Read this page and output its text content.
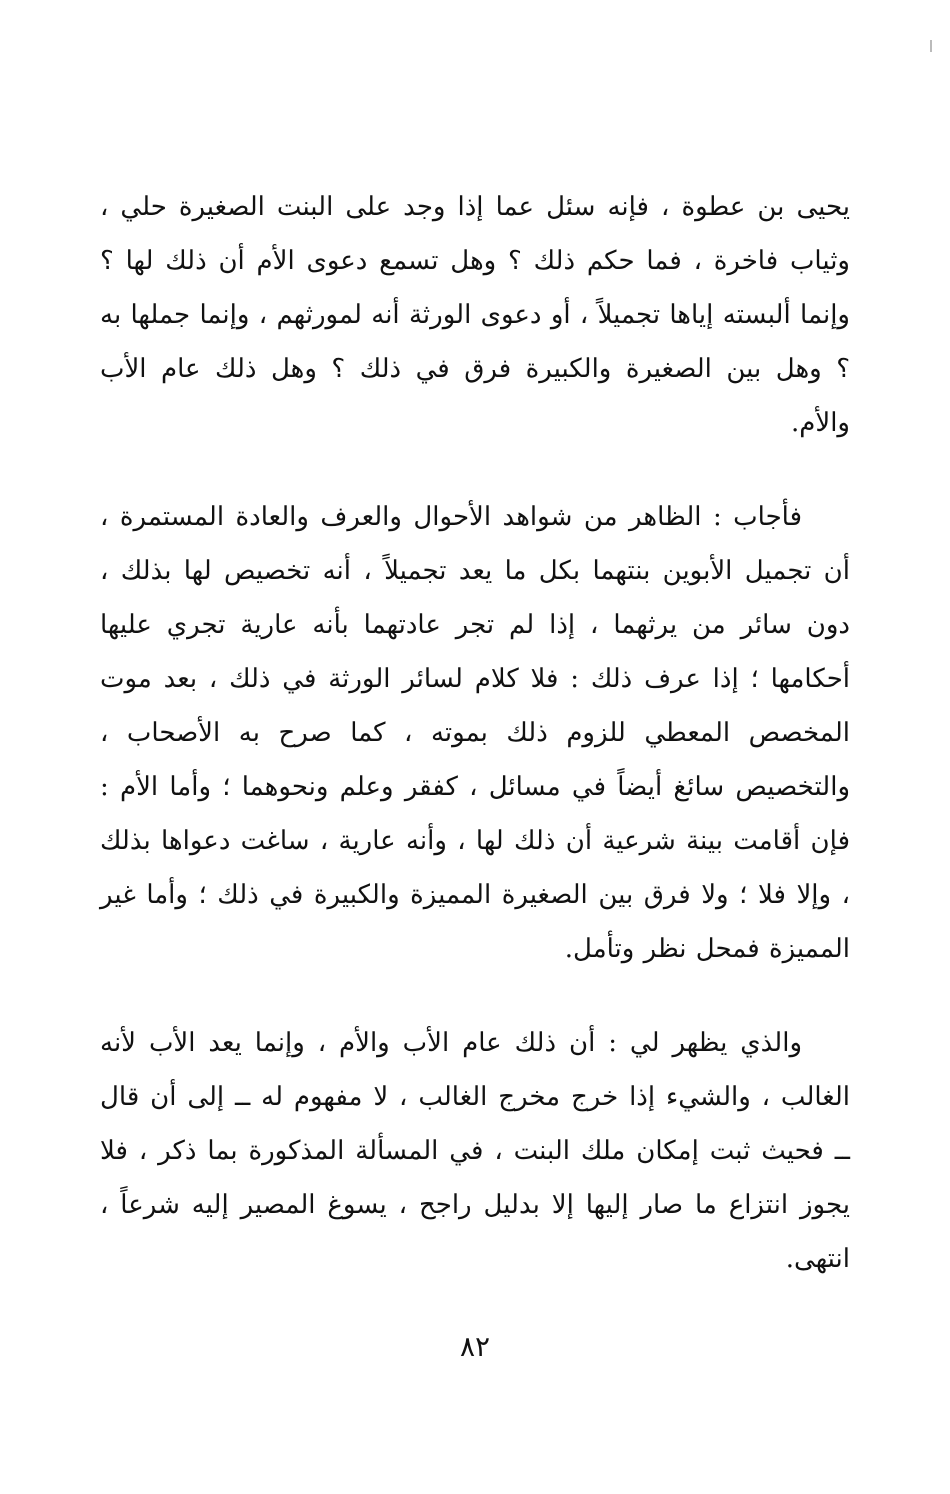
يحيى بن عطوة ، فإنه سئل عما إذا وجد على البنت الصغيرة حلي ، وثياب فاخرة ، فما حكم ذلك ؟ وهل تسمع دعوى الأم أن ذلك لها ؟ وإنما ألبسته إياها تجميلاً ، أو دعوى الورثة أنه لمورثهم ، وإنما جملها به ؟ وهل بين الصغيرة والكبيرة فرق في ذلك ؟ وهل ذلك عام الأب والأم.

فأجاب : الظاهر من شواهد الأحوال والعرف والعادة المستمرة ، أن تجميل الأبوين بنتهما بكل ما يعد تجميلاً ، أنه تخصيص لها بذلك ، دون سائر من يرثهما ، إذا لم تجر عادتهما بأنه عارية تجري عليها أحكامها ؛ إذا عرف ذلك : فلا كلام لسائر الورثة في ذلك ، بعد موت المخصص المعطي للزوم ذلك بموته ، كما صرح به الأصحاب ، والتخصيص سائغ أيضاً في مسائل ، كفقر وعلم ونحوهما ؛ وأما الأم : فإن أقامت بينة شرعية أن ذلك لها ، وأنه عارية ، ساغت دعواها بذلك ، وإلا فلا ؛ ولا فرق بين الصغيرة المميزة والكبيرة في ذلك ؛ وأما غير المميزة فمحل نظر وتأمل.

والذي يظهر لي : أن ذلك عام الأب والأم ، وإنما يعد الأب لأنه الغالب ، والشيء إذا خرج مخرج الغالب ، لا مفهوم له ــ إلى أن قال ــ فحيث ثبت إمكان ملك البنت ، في المسألة المذكورة بما ذكر ، فلا يجوز انتزاع ما صار إليها إلا بدليل راجح ، يسوغ المصير إليه شرعاً ، انتهى.

٨٢
